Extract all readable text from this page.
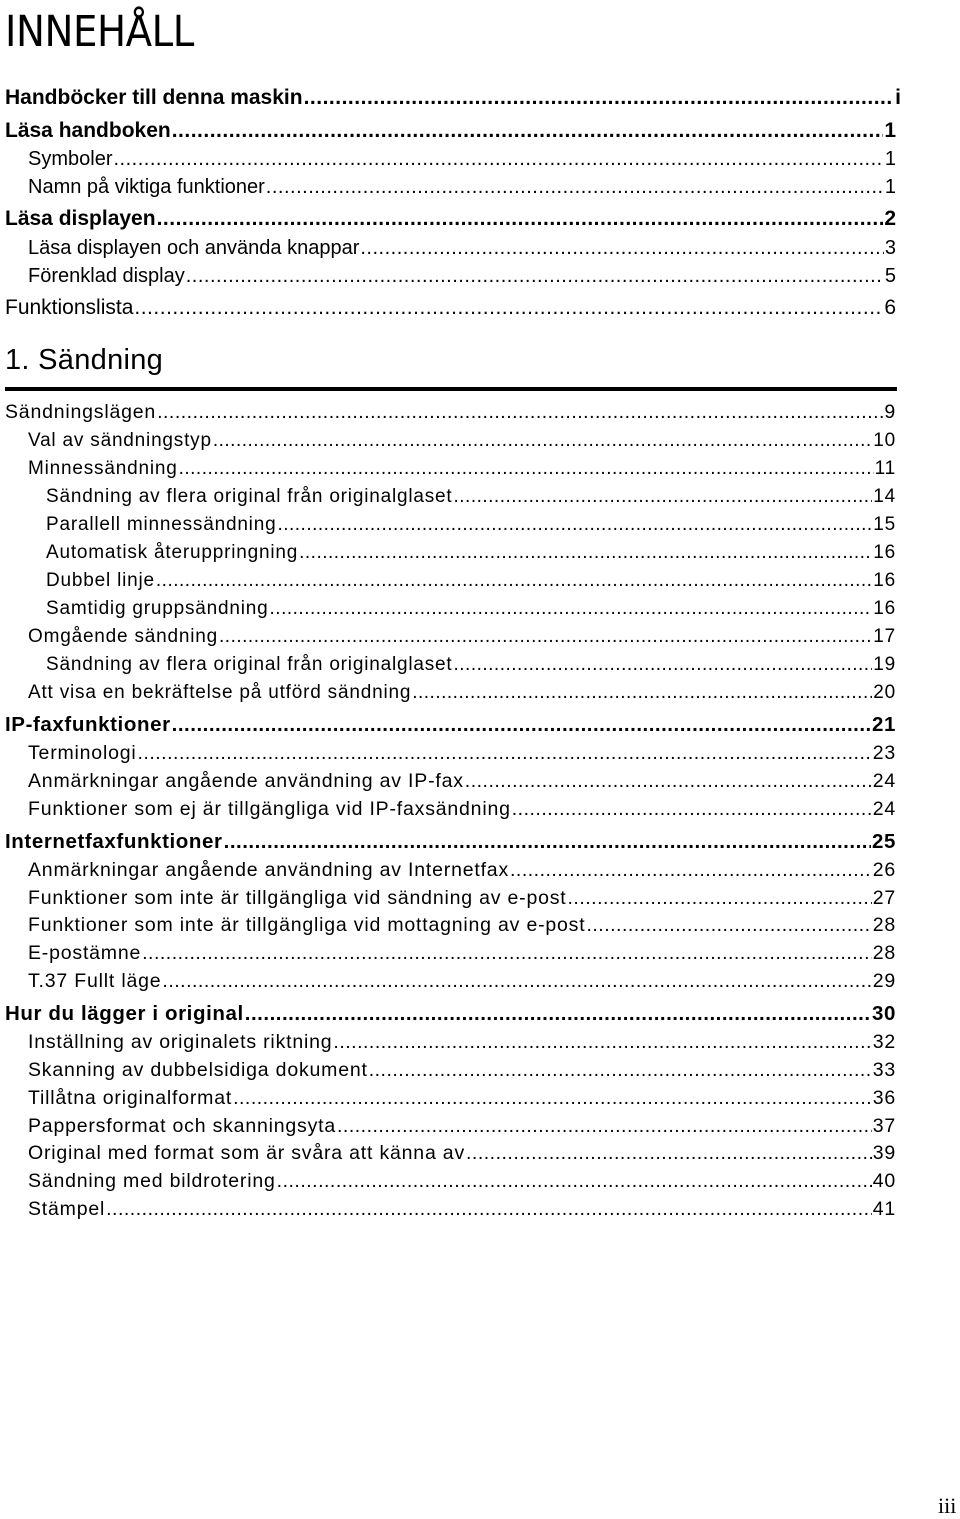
INNEHÅLL
Handböcker till denna maskin .....	i
Läsa handboken .....	1
Symboler .....	1
Namn på viktiga funktioner .....	1
Läsa displayen .....	2
Läsa displayen och använda knappar .....	3
Förenklad display .....	5
Funktionslista .....	6
1. Sändning
Sändningslägen .....	9
Val av sändningstyp .....	10
Minnessändning .....	11
Sändning av flera original från originalglaset .....	14
Parallell minnessändning .....	15
Automatisk återuppringning .....	16
Dubbel linje .....	16
Samtidig gruppsändning .....	16
Omgående sändning .....	17
Sändning av flera original från originalglaset .....	19
Att visa en bekräftelse på utförd sändning .....	20
IP-faxfunktioner .....	21
Terminologi .....	23
Anmärkningar angående användning av IP-fax .....	24
Funktioner som ej är tillgängliga vid IP-faxsändning .....	24
Internetfaxfunktioner .....	25
Anmärkningar angående användning av Internetfax .....	26
Funktioner som inte är tillgängliga vid sändning av e-post .....	27
Funktioner som inte är tillgängliga vid mottagning av e-post .....	28
E-postämne .....	28
T.37 Fullt läge .....	29
Hur du lägger i original .....	30
Inställning av originalets riktning .....	32
Skanning av dubbelsidiga dokument .....	33
Tillåtna originalformat .....	36
Pappersformat och skanningsyta .....	37
Original med format som är svåra att känna av .....	39
Sändning med bildrotering .....	40
Stämpel .....	41
iii
